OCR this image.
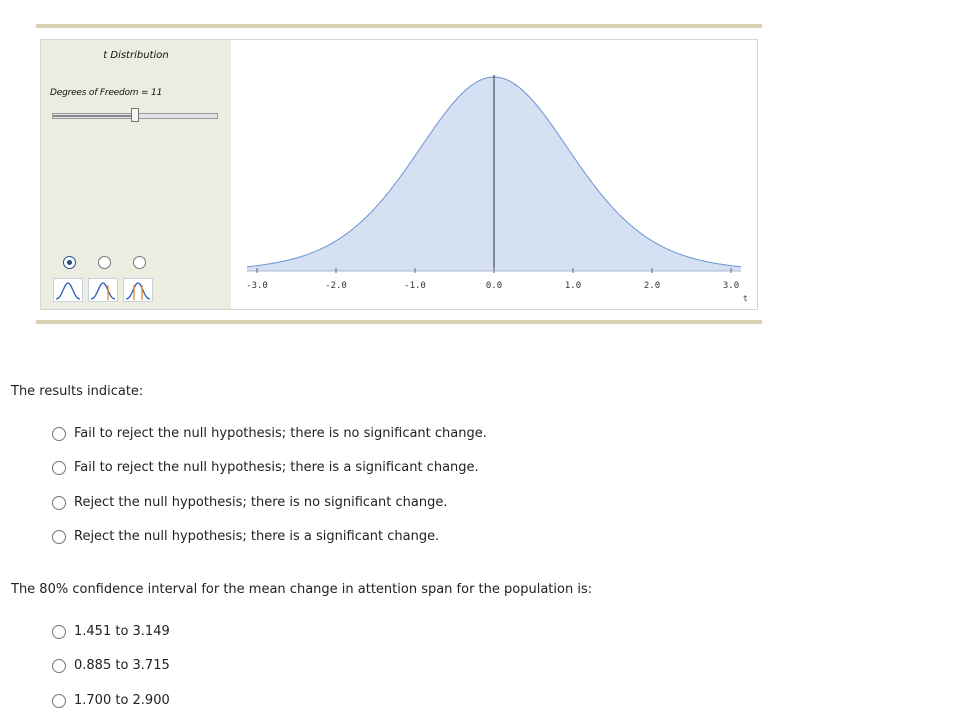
t Distribution
Degrees of Freedom = 11
-3.0	-2.0	-1.0	0.0	1.0	2.0	3.0
t
The results indicate:
Fail to reject the null hypothesis; there is no significant change.
Fail to reject the null hypothesis; there is a significant change.
Reject the null hypothesis; there is no significant change.
Reject the null hypothesis; there is a significant change.
The 80% confidence interval for the mean change in attention span for the population is:
1.451 to 3.149
0.885 to 3.715
1.700 to 2.900
